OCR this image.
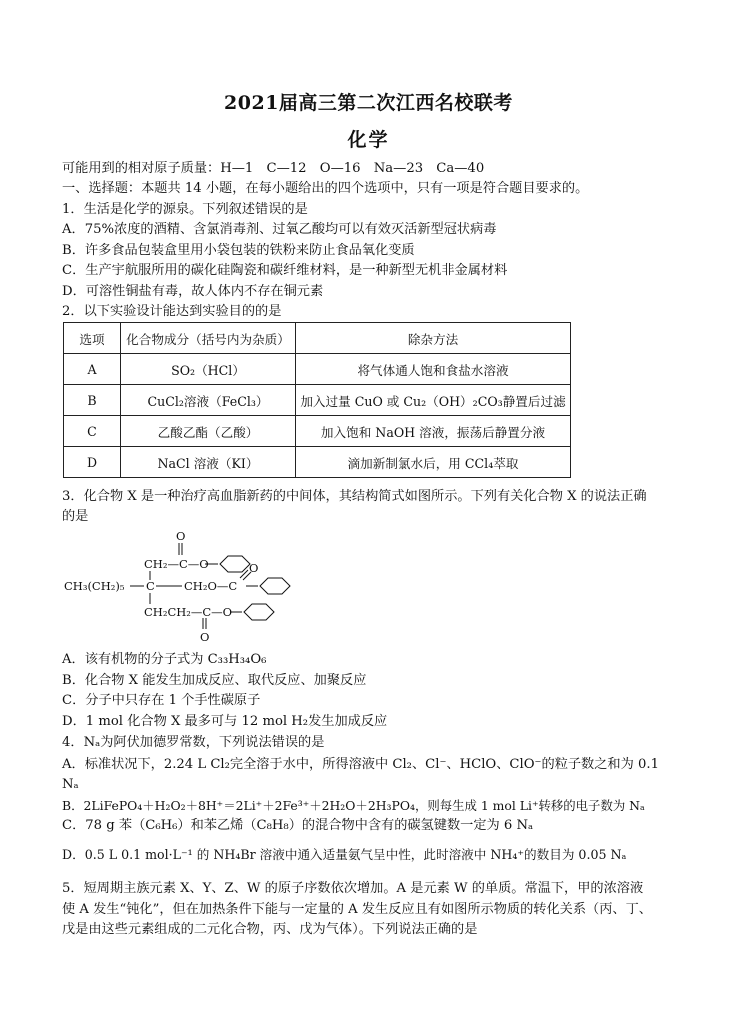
2021届高三第二次江西名校联考
化学
可能用到的相对原子质量：H—1　C—12　O—16　Na—23　Ca—40
一、选择题：本题共 14 小题，在每小题给出的四个选项中，只有一项是符合题目要求的。
1．生活是化学的源泉。下列叙述错误的是
A．75%浓度的酒精、含氯消毒剂、过氧乙酸均可以有效灭活新型冠状病毒
B．许多食品包装盒里用小袋包装的铁粉来防止食品氧化变质
C．生产宇航服所用的碳化硅陶瓷和碳纤维材料，是一种新型无机非金属材料
D．可溶性铜盐有毒，故人体内不存在铜元素
2．以下实验设计能达到实验目的的是
选项	化合物成分（括号内为杂质）	除杂方法
A	SO₂（HCl）	将气体通人饱和食盐水溶液
B	CuCl₂溶液（FeCl₃）	加入过量 CuO 或 Cu₂（OH）₂CO₃静置后过滤
C	乙酸乙酯（乙酸）	加入饱和 NaOH 溶液，振荡后静置分液
D	NaCl 溶液（KI）	滴加新制氯水后，用 CCl₄萃取
3．化合物 X 是一种治疗高血脂新药的中间体，其结构简式如图所示。下列有关化合物 X 的说法正确
的是
O
CH₂—C—O
CH₃(CH₂)₅ C	CH₂O—C
O
CH₂CH₂—C—O
O
A．该有机物的分子式为 C₃₃H₃₄O₆
B．化合物 X 能发生加成反应、取代反应、加聚反应
C．分子中只存在 1 个手性碳原子
D．1 mol 化合物 X 最多可与 12 mol H₂发生加成反应
4．Nₐ为阿伏加德罗常数，下列说法错误的是
A．标准状况下，2.24 L Cl₂完全溶于水中，所得溶液中 Cl₂、Cl⁻、HClO、ClO⁻的粒子数之和为 0.1
Nₐ
B．2LiFePO₄＋H₂O₂＋8H⁺＝2Li⁺＋2Fe³⁺＋2H₂O＋2H₃PO₄，则每生成 1 mol Li⁺转移的电子数为 Nₐ
C．78 g 苯（C₆H₆）和苯乙烯（C₈H₈）的混合物中含有的碳氢键数一定为 6 Nₐ
D．0.5 L 0.1 mol·L⁻¹ 的 NH₄Br 溶液中通入适量氨气呈中性，此时溶液中 NH₄⁺的数目为 0.05 Nₐ
5．短周期主族元素 X、Y、Z、W 的原子序数依次增加。A 是元素 W 的单质。常温下，甲的浓溶液
使 A 发生“钝化”，但在加热条件下能与一定量的 A 发生反应且有如图所示物质的转化关系（丙、丁、
戊是由这些元素组成的二元化合物，丙、戊为气体）。下列说法正确的是
